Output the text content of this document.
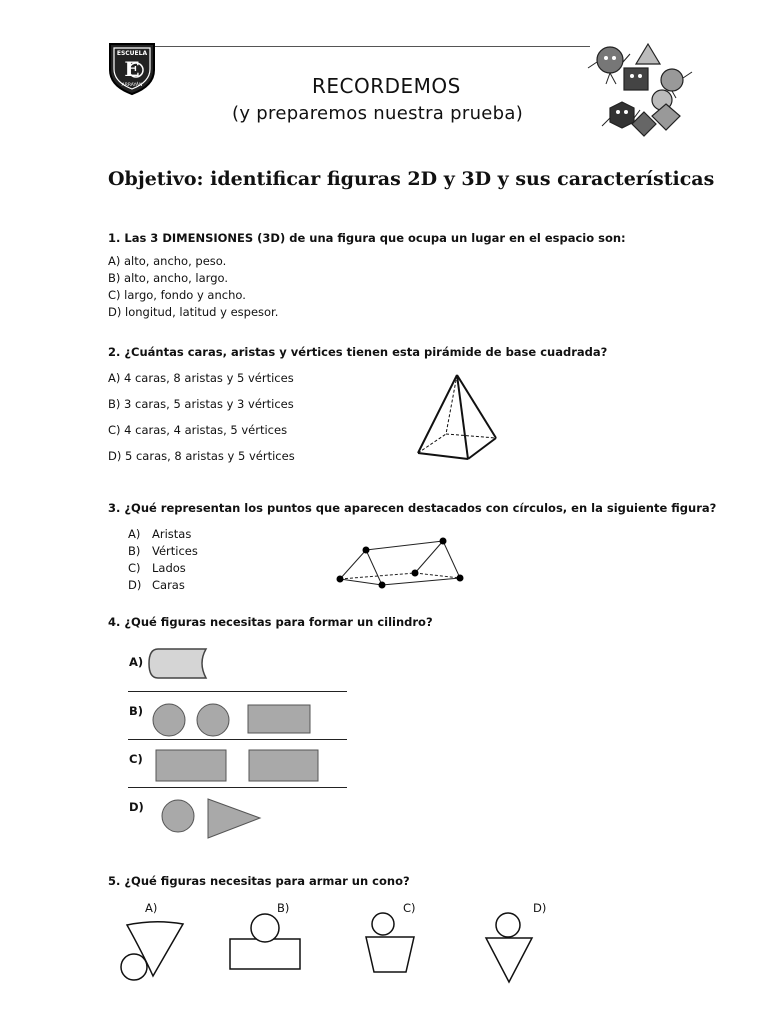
ESCUELA
E
ARRAYÁN	RECORDEMOS
(y preparemos nuestra prueba)
Objetivo: identificar figuras 2D y 3D y sus características
1. Las 3 DIMENSIONES (3D) de una figura que ocupa un lugar en el espacio son:
A) alto, ancho, peso.
B) alto, ancho, largo.
C) largo, fondo y ancho.
D) longitud, latitud y espesor.
2. ¿Cuántas caras, aristas y vértices tienen esta pirámide de base cuadrada?
A) 4 caras, 8 aristas y 5 vértices
B) 3 caras, 5 aristas y 3 vértices
C) 4 caras, 4 aristas, 5 vértices
D) 5 caras, 8 aristas y 5 vértices
3. ¿Qué representan los puntos que aparecen destacados con círculos, en la siguiente figura?
A) Aristas
B) Vértices
C) Lados
D) Caras
4. ¿Qué figuras necesitas para formar un cilindro?
A)
B)
C)
D)
5. ¿Qué figuras necesitas para armar un cono?
A)	B)	C)	D)
